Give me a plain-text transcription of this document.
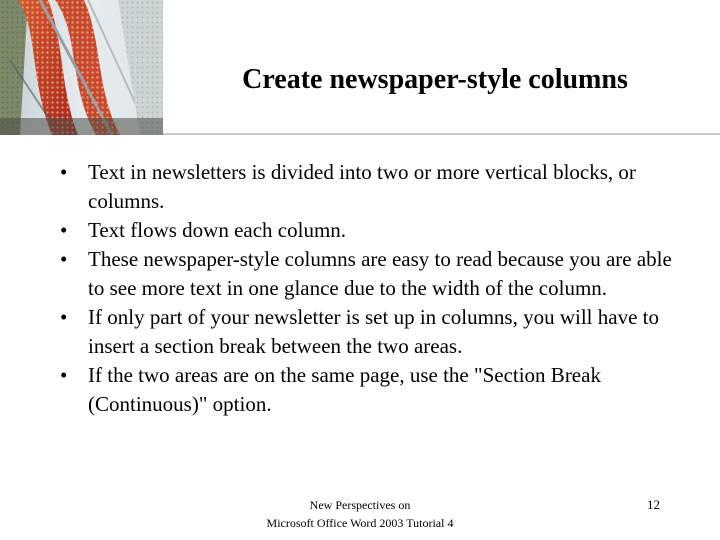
Create newspaper-style columns
• Text in newsletters is divided into two or more vertical blocks, or columns.
• Text flows down each column.
• These newspaper-style columns are easy to read because you are able to see more text in one glance due to the width of the column.
• If only part of your newsletter is set up in columns, you will have to insert a section break between the two areas.
• If the two areas are on the same page, use the "Section Break (Continuous)" option.
New Perspectives on
Microsoft Office Word 2003 Tutorial 4
12
